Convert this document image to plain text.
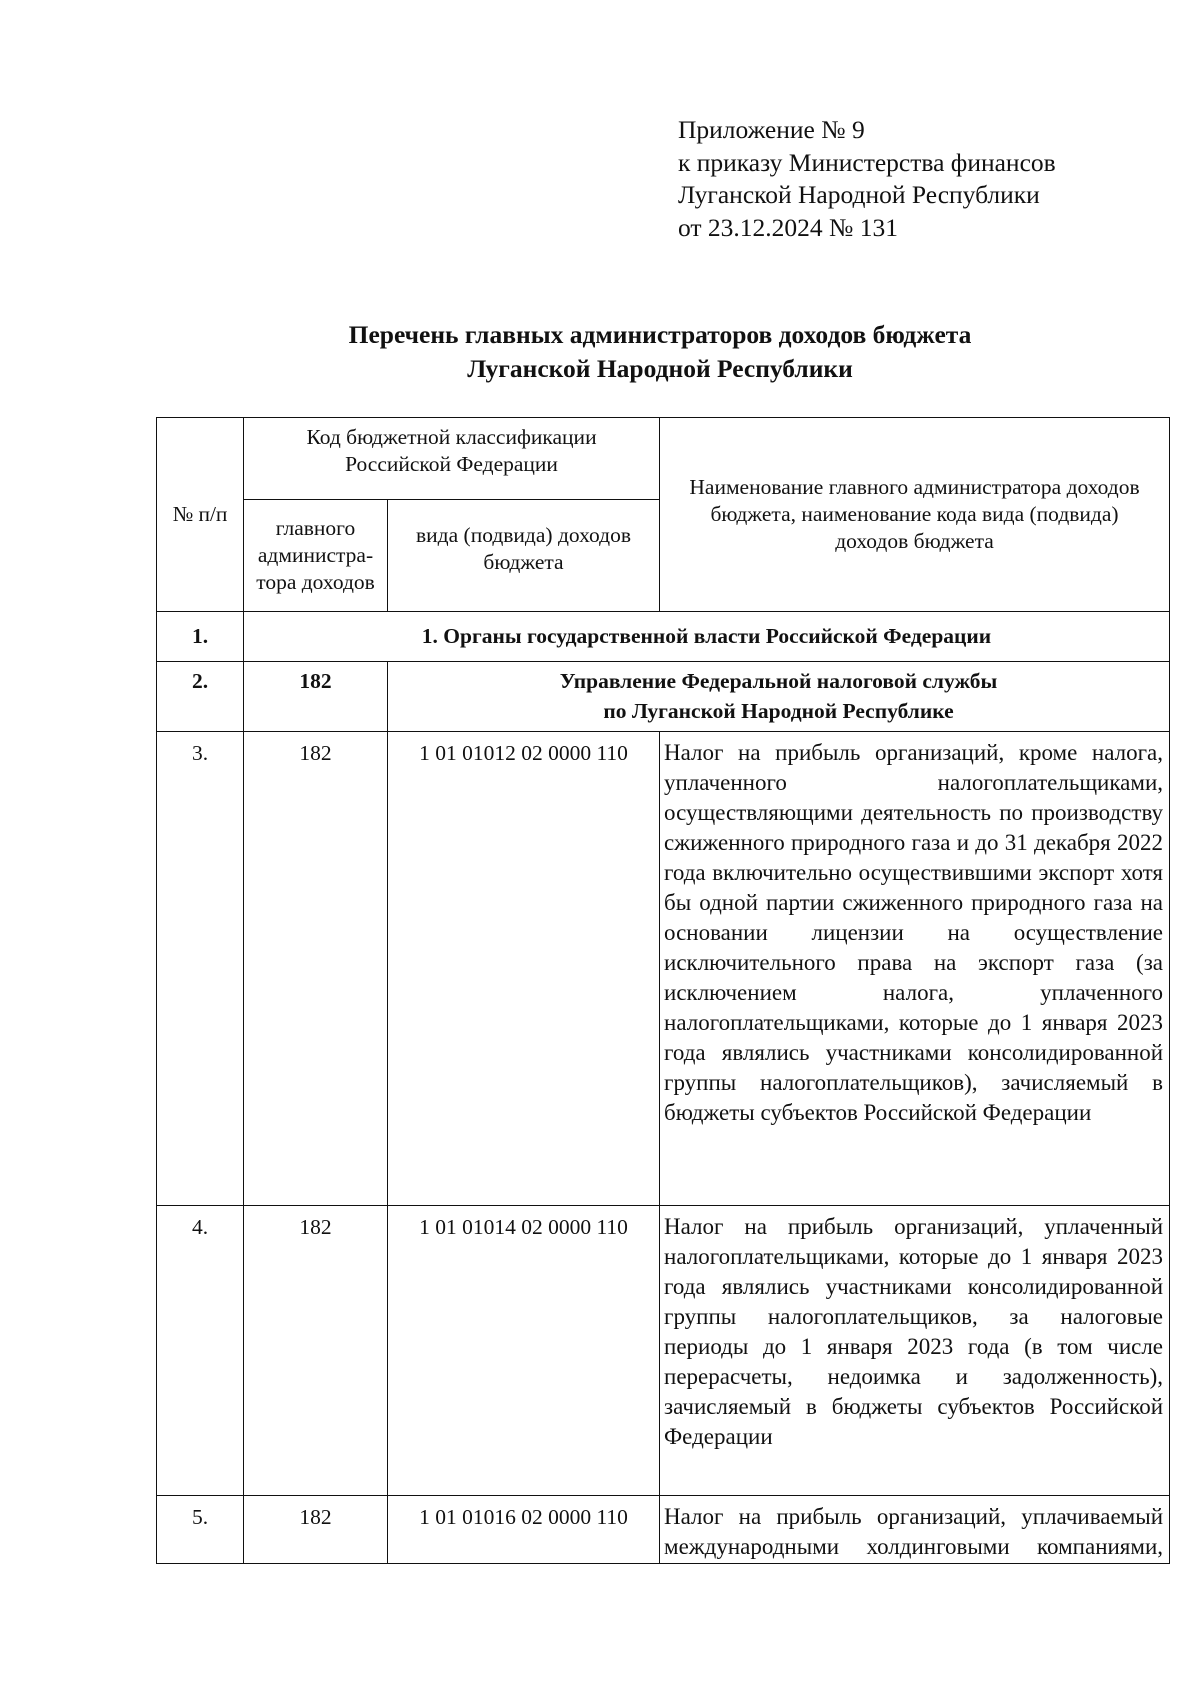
Приложение № 9
к приказу Министерства финансов
Луганской Народной Республики
от 23.12.2024 № 131
Перечень главных администраторов доходов бюджета
Луганской Народной Республики
№ п/п	Код бюджетной классификации Российской Федерации		Наименование главного администратора доходов бюджета, наименование кода вида (подвида) доходов бюджета
	главного администра-тора доходов	вида (подвида) доходов бюджета	
1.	1. Органы государственной власти Российской Федерации		
2.	182	Управление Федеральной налоговой службы
по Луганской Народной Республике	

3.	182	1 01 01012 02 0000 110	Налог на прибыль организаций, кроме налога, уплаченного налогоплательщиками, осуществляющими деятельность по производству сжиженного природного газа и до 31 декабря 2022 года включительно осуществившими экспорт хотя бы одной партии сжиженного природного газа на основании лицензии на осуществление исключительного права на экспорт газа (за исключением налога, уплаченного налогоплательщиками, которые до 1 января 2023 года являлись участниками консолидированной группы налогоплательщиков), зачисляемый в бюджеты субъектов Российской Федерации
4.	182	1 01 01014 02 0000 110	Налог на прибыль организаций, уплаченный налогоплательщиками, которые до 1 января 2023 года являлись участниками консолидированной группы налогоплательщиков, за налоговые периоды до 1 января 2023 года (в том числе перерасчеты, недоимка и задолженность), зачисляемый в бюджеты субъектов Российской Федерации
5.	182	1 01 01016 02 0000 110	Налог на прибыль организаций, уплачиваемый международными холдинговыми компаниями,
